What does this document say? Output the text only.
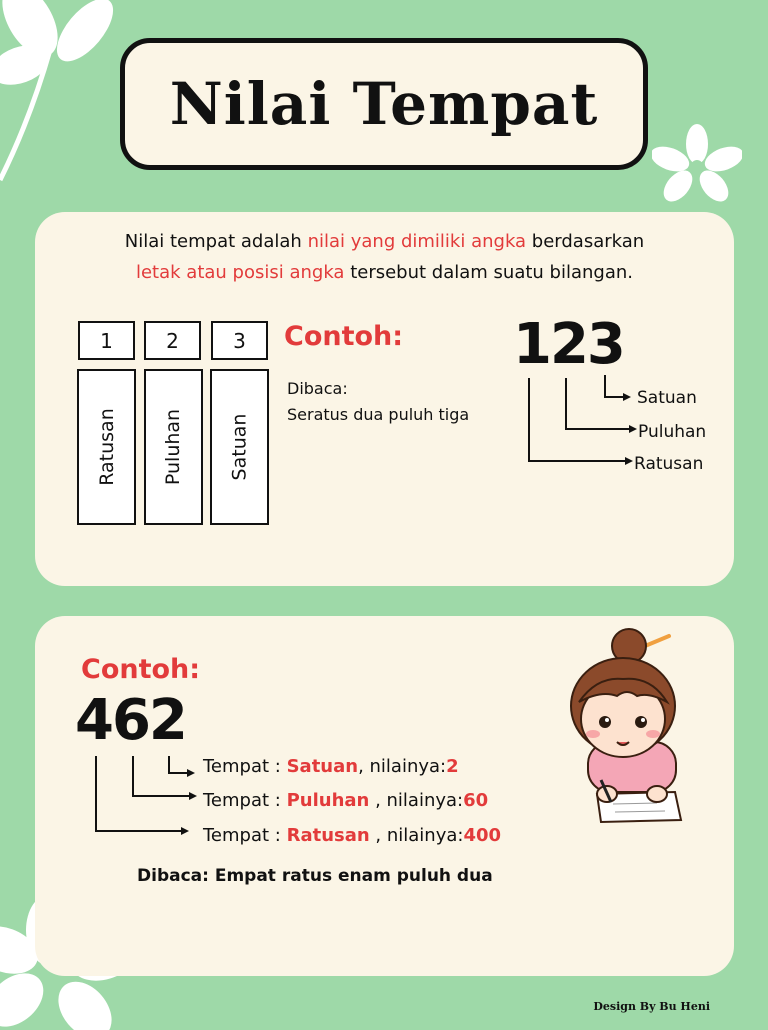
Nilai Tempat
Nilai tempat adalah nilai yang dimiliki angka berdasarkan
letak atau posisi angka tersebut dalam suatu bilangan.
1	2	3
Ratusan Puluhan Satuan
Contoh:
Dibaca:
Seratus dua puluh tiga
123
Satuan
Puluhan
Ratusan
Contoh:
462
Tempat : Satuan, nilainya:2
Tempat : Puluhan , nilainya:60
Tempat : Ratusan , nilainya:400
Dibaca: Empat ratus enam puluh dua
Design By Bu Heni
